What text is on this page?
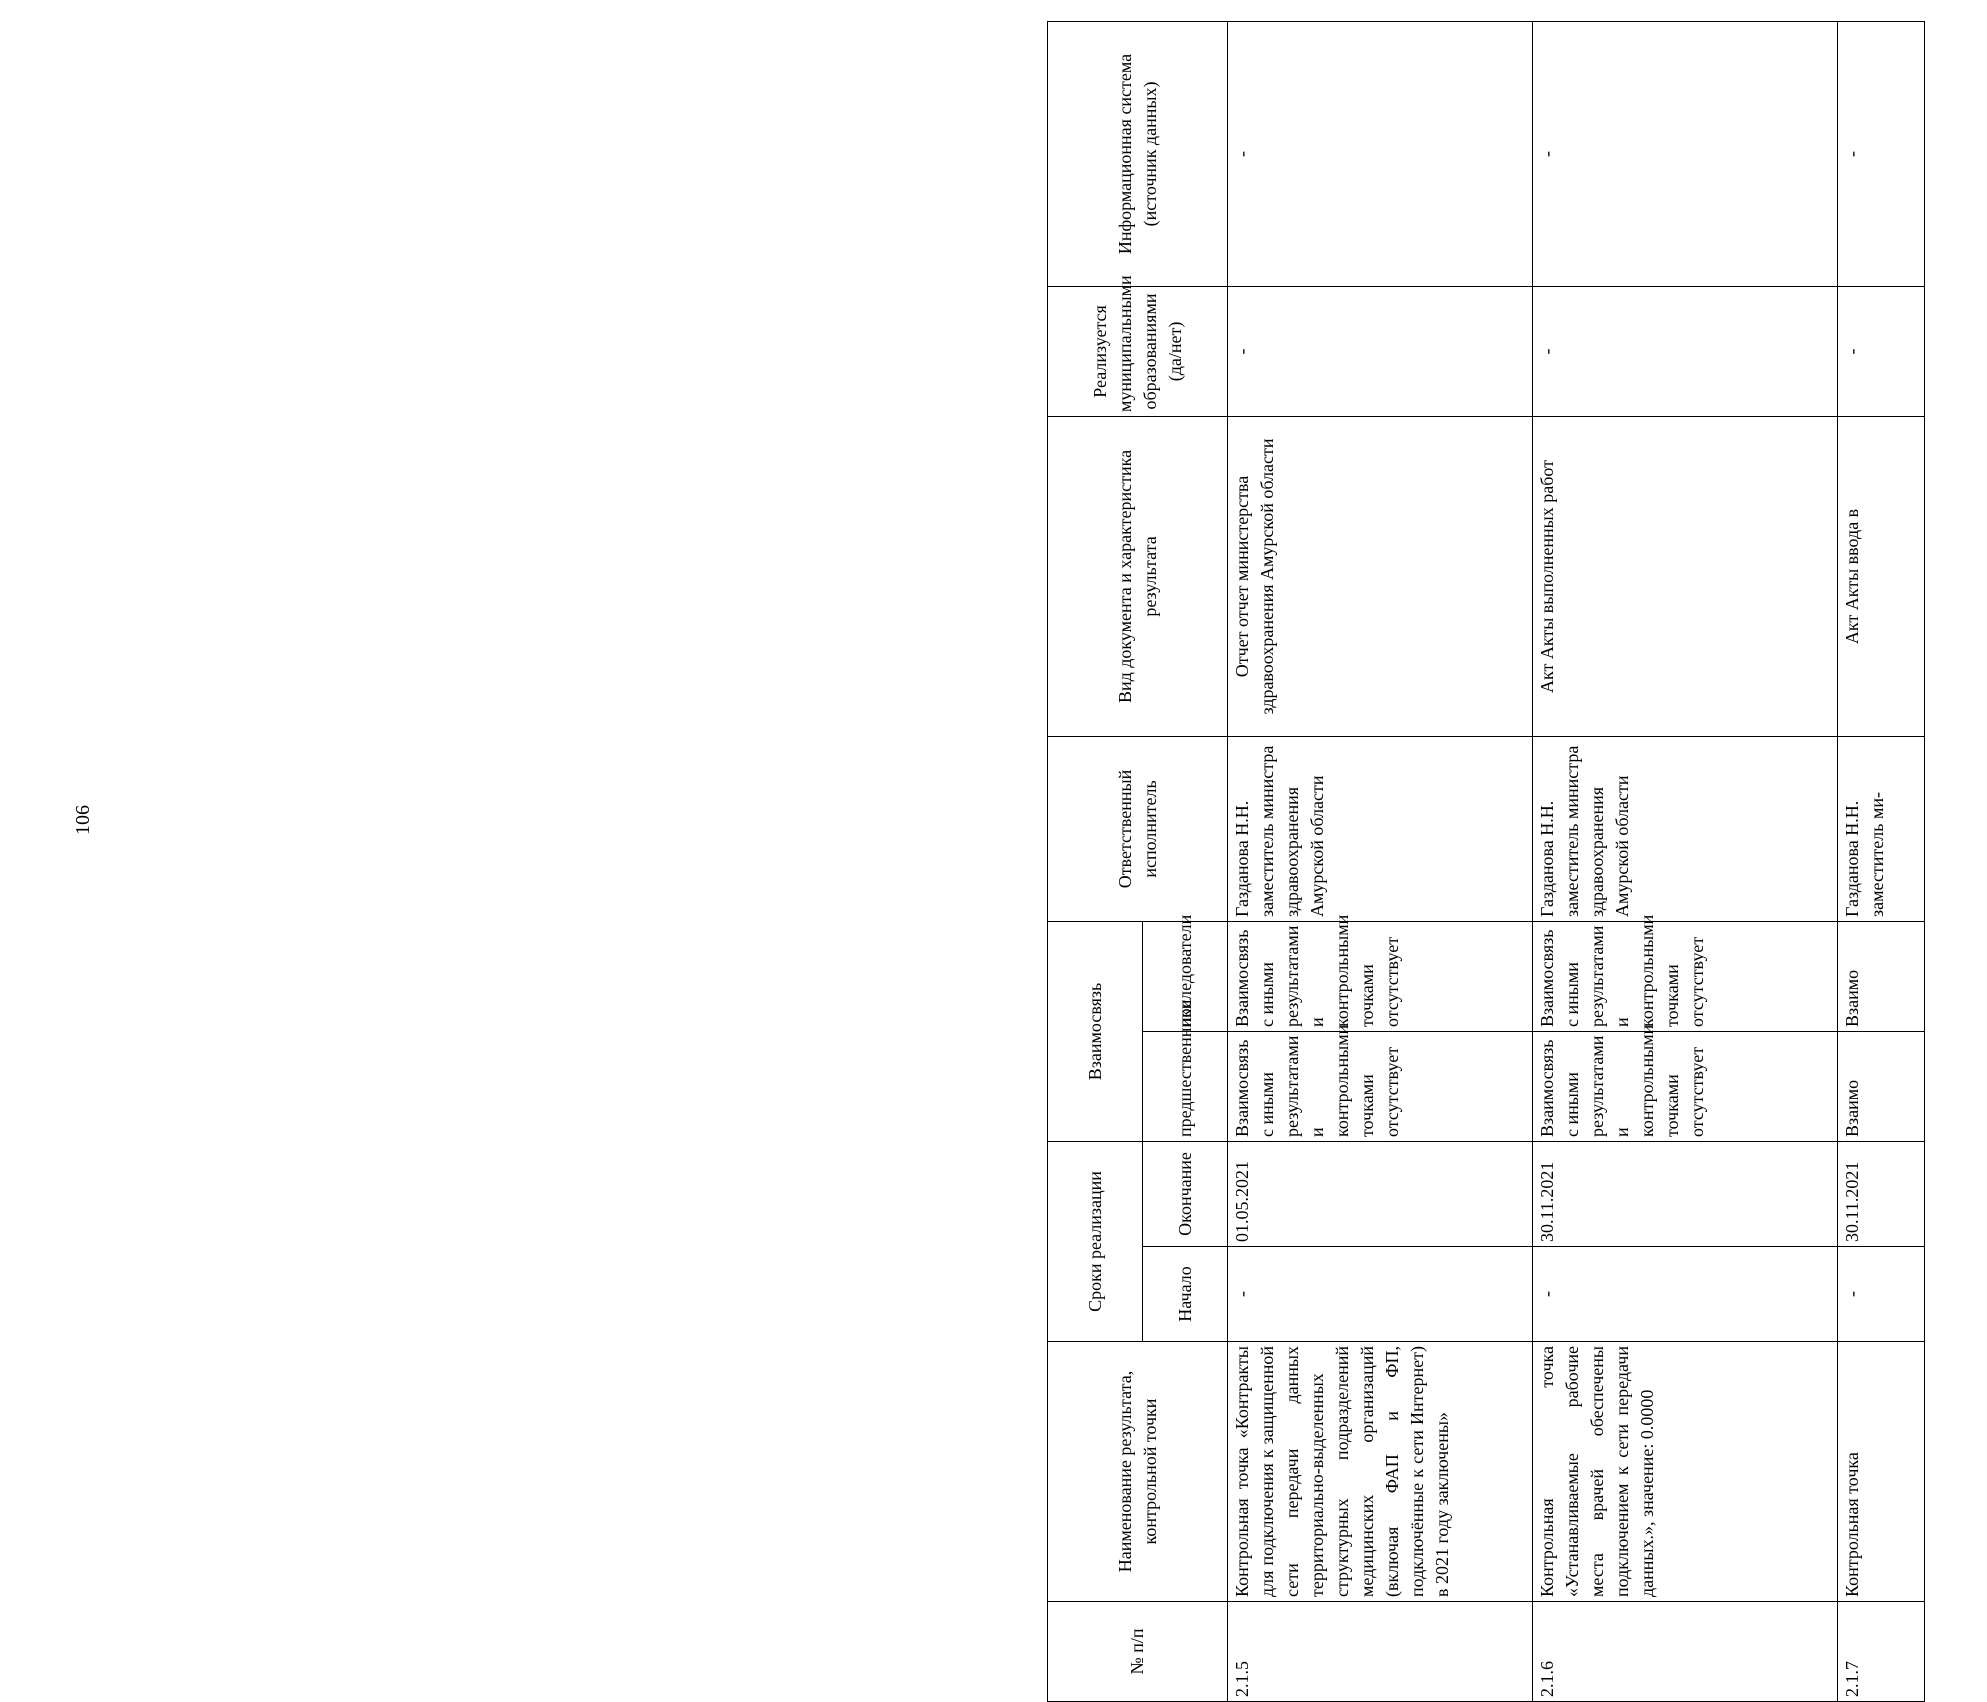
106
№ п/п	Наименование результата, контрольной точки	Сроки реализации		Взаимосвязь		Ответственный исполнитель	Вид документа и характеристика результата	Реализуется муниципальными образованиями (да/нет)	Информационная система (источник данных)
		Начало	Окончание	предшественники	последователи				
2.1.5	Контрольная точка «Контракты для подключения к защищенной сети передачи данных территориально-выделенных структурных подразделений медицинских организаций (включая ФАП и ФП, подключённые к сети Интернет) в 2021 году заключены»	-	01.05.2021	Взаимосвязь с иными результатами и контрольными точками отсутствует	Взаимосвязь с иными результатами и контрольными точками отсутствует	Газданова Н.Н. заместитель министра здравоохранения Амурской области	Отчет отчет министерства здравоохранения Амурской области	-	-
2.1.6	Контрольная точка «Устанавливаемые рабочие места врачей обеспечены подключением к сети передачи данных.», значение: 0.0000	-	30.11.2021	Взаимосвязь с иными результатами и контрольными точками отсутствует	Взаимосвязь с иными результатами и контрольными точками отсутствует	Газданова Н.Н. заместитель министра здравоохранения Амурской области	Акт Акты выполненных работ	-	-
2.1.7	Контрольная точка	-	30.11.2021	Взаимо	Взаимо	Газданова Н.Н. заместитель ми-	Акт Акты ввода в	-	-
